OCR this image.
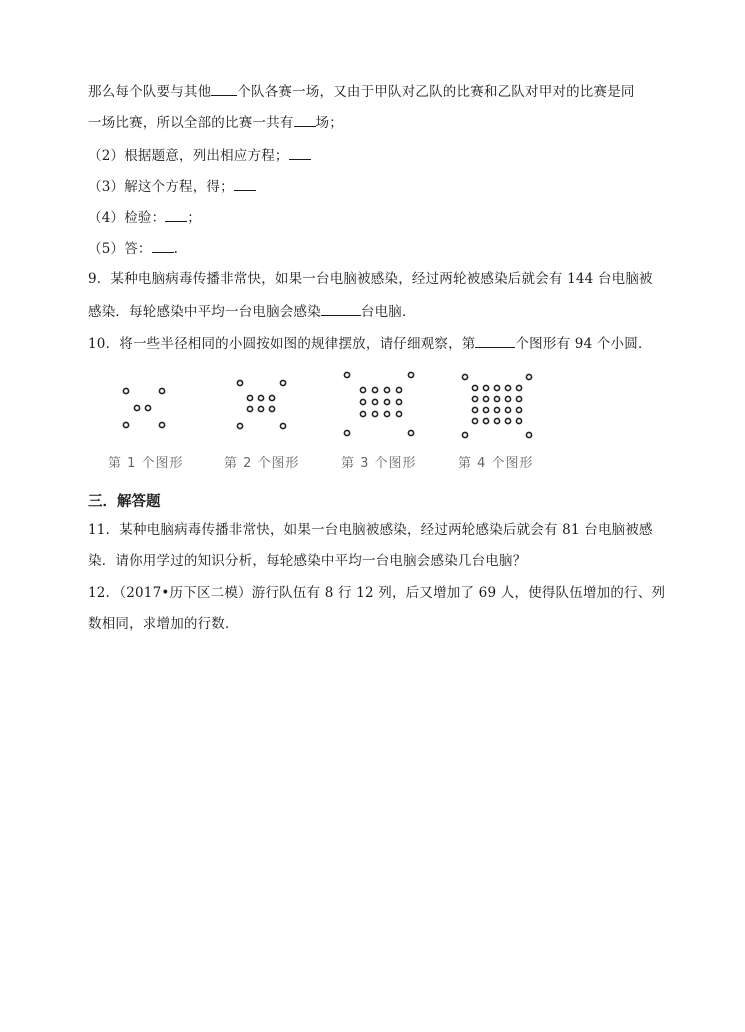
那么每个队要与其他 个队各赛一场，又由于甲队对乙队的比赛和乙队对甲对的比赛是同
一场比赛，所以全部的比赛一共有 场；
（2）根据题意，列出相应方程；
（3）解这个方程，得；
（4）检验： ；
（5）答： .
9．某种电脑病毒传播非常快，如果一台电脑被感染，经过两轮被感染后就会有 144 台电脑被
感染．每轮感染中平均一台电脑会感染	台电脑．
10．将一些半径相同的小圆按如图的规律摆放，请仔细观察，第	个图形有 94 个小圆．
第 1 个图形	第 2 个图形	第 3 个图形	第 4 个图形
三．解答题
11．某种电脑病毒传播非常快，如果一台电脑被感染，经过两轮感染后就会有 81 台电脑被感
染．请你用学过的知识分析，每轮感染中平均一台电脑会感染几台电脑？
12．（2017•历下区二模）游行队伍有 8 行 12 列，后又增加了 69 人，使得队伍增加的行、列
数相同，求增加的行数．
